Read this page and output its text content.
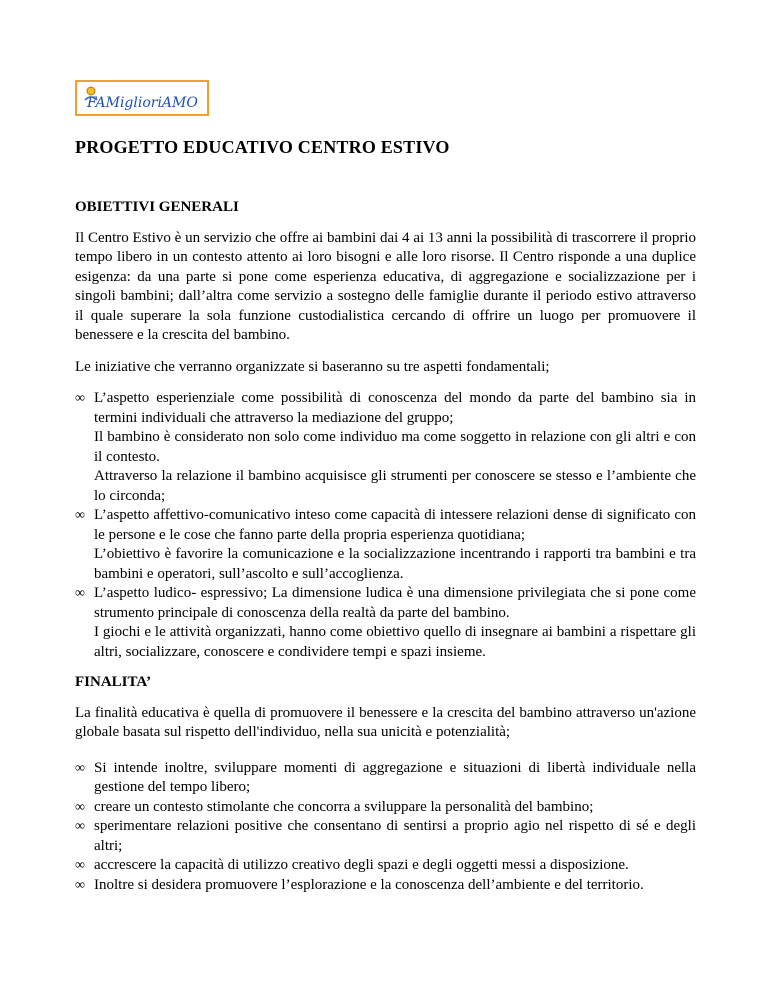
FAMiglioriAMO
PROGETTO EDUCATIVO CENTRO ESTIVO
OBIETTIVI GENERALI

Il Centro Estivo è un servizio che offre ai bambini dai 4 ai 13 anni la possibilità di trascorrere il proprio tempo libero in un contesto attento ai loro bisogni e alle loro risorse. Il Centro risponde a una duplice esigenza: da una parte si pone come esperienza educativa, di aggregazione e socializzazione per i singoli bambini; dall’altra come servizio a sostegno delle famiglie durante il periodo estivo attraverso il quale superare la sola funzione custodialistica cercando di offrire un luogo per promuovere il benessere e la crescita del bambino.

Le iniziative che verranno organizzate si baseranno su tre aspetti fondamentali;

∞ L’aspetto esperienziale come possibilità di conoscenza del mondo da parte del bambino sia in termini individuali che attraverso la mediazione del gruppo;
Il bambino è considerato non solo come individuo ma come soggetto in relazione con gli altri e con il contesto.
Attraverso la relazione il bambino acquisisce gli strumenti per conoscere se stesso e l’ambiente che lo circonda;
∞ L’aspetto affettivo-comunicativo inteso come capacità di intessere relazioni dense di significato con le persone e le cose che fanno parte della propria esperienza quotidiana;
L’obiettivo è favorire la comunicazione e la socializzazione incentrando i rapporti tra bambini e tra bambini e operatori, sull’ascolto e sull’accoglienza.
∞ L’aspetto ludico- espressivo; La dimensione ludica è una dimensione privilegiata che si pone come strumento principale di conoscenza della realtà da parte del bambino.
I giochi e le attività organizzati, hanno come obiettivo quello di insegnare ai bambini a rispettare gli altri, socializzare, conoscere e condividere tempi e spazi insieme.
FINALITA’

La finalità educativa è quella di promuovere il benessere e la crescita del bambino attraverso un'azione globale basata sul rispetto dell'individuo, nella sua unicità e potenzialità;

∞ Si intende inoltre, sviluppare momenti di aggregazione e situazioni di libertà individuale nella gestione del tempo libero;
∞ creare un contesto stimolante che concorra a sviluppare la personalità del bambino;
∞ sperimentare relazioni positive che consentano di sentirsi a proprio agio nel rispetto di sé e degli altri;
∞ accrescere la capacità di utilizzo creativo degli spazi e degli oggetti messi a disposizione.
∞ Inoltre si desidera promuovere l’esplorazione e la conoscenza dell’ambiente e del territorio.
